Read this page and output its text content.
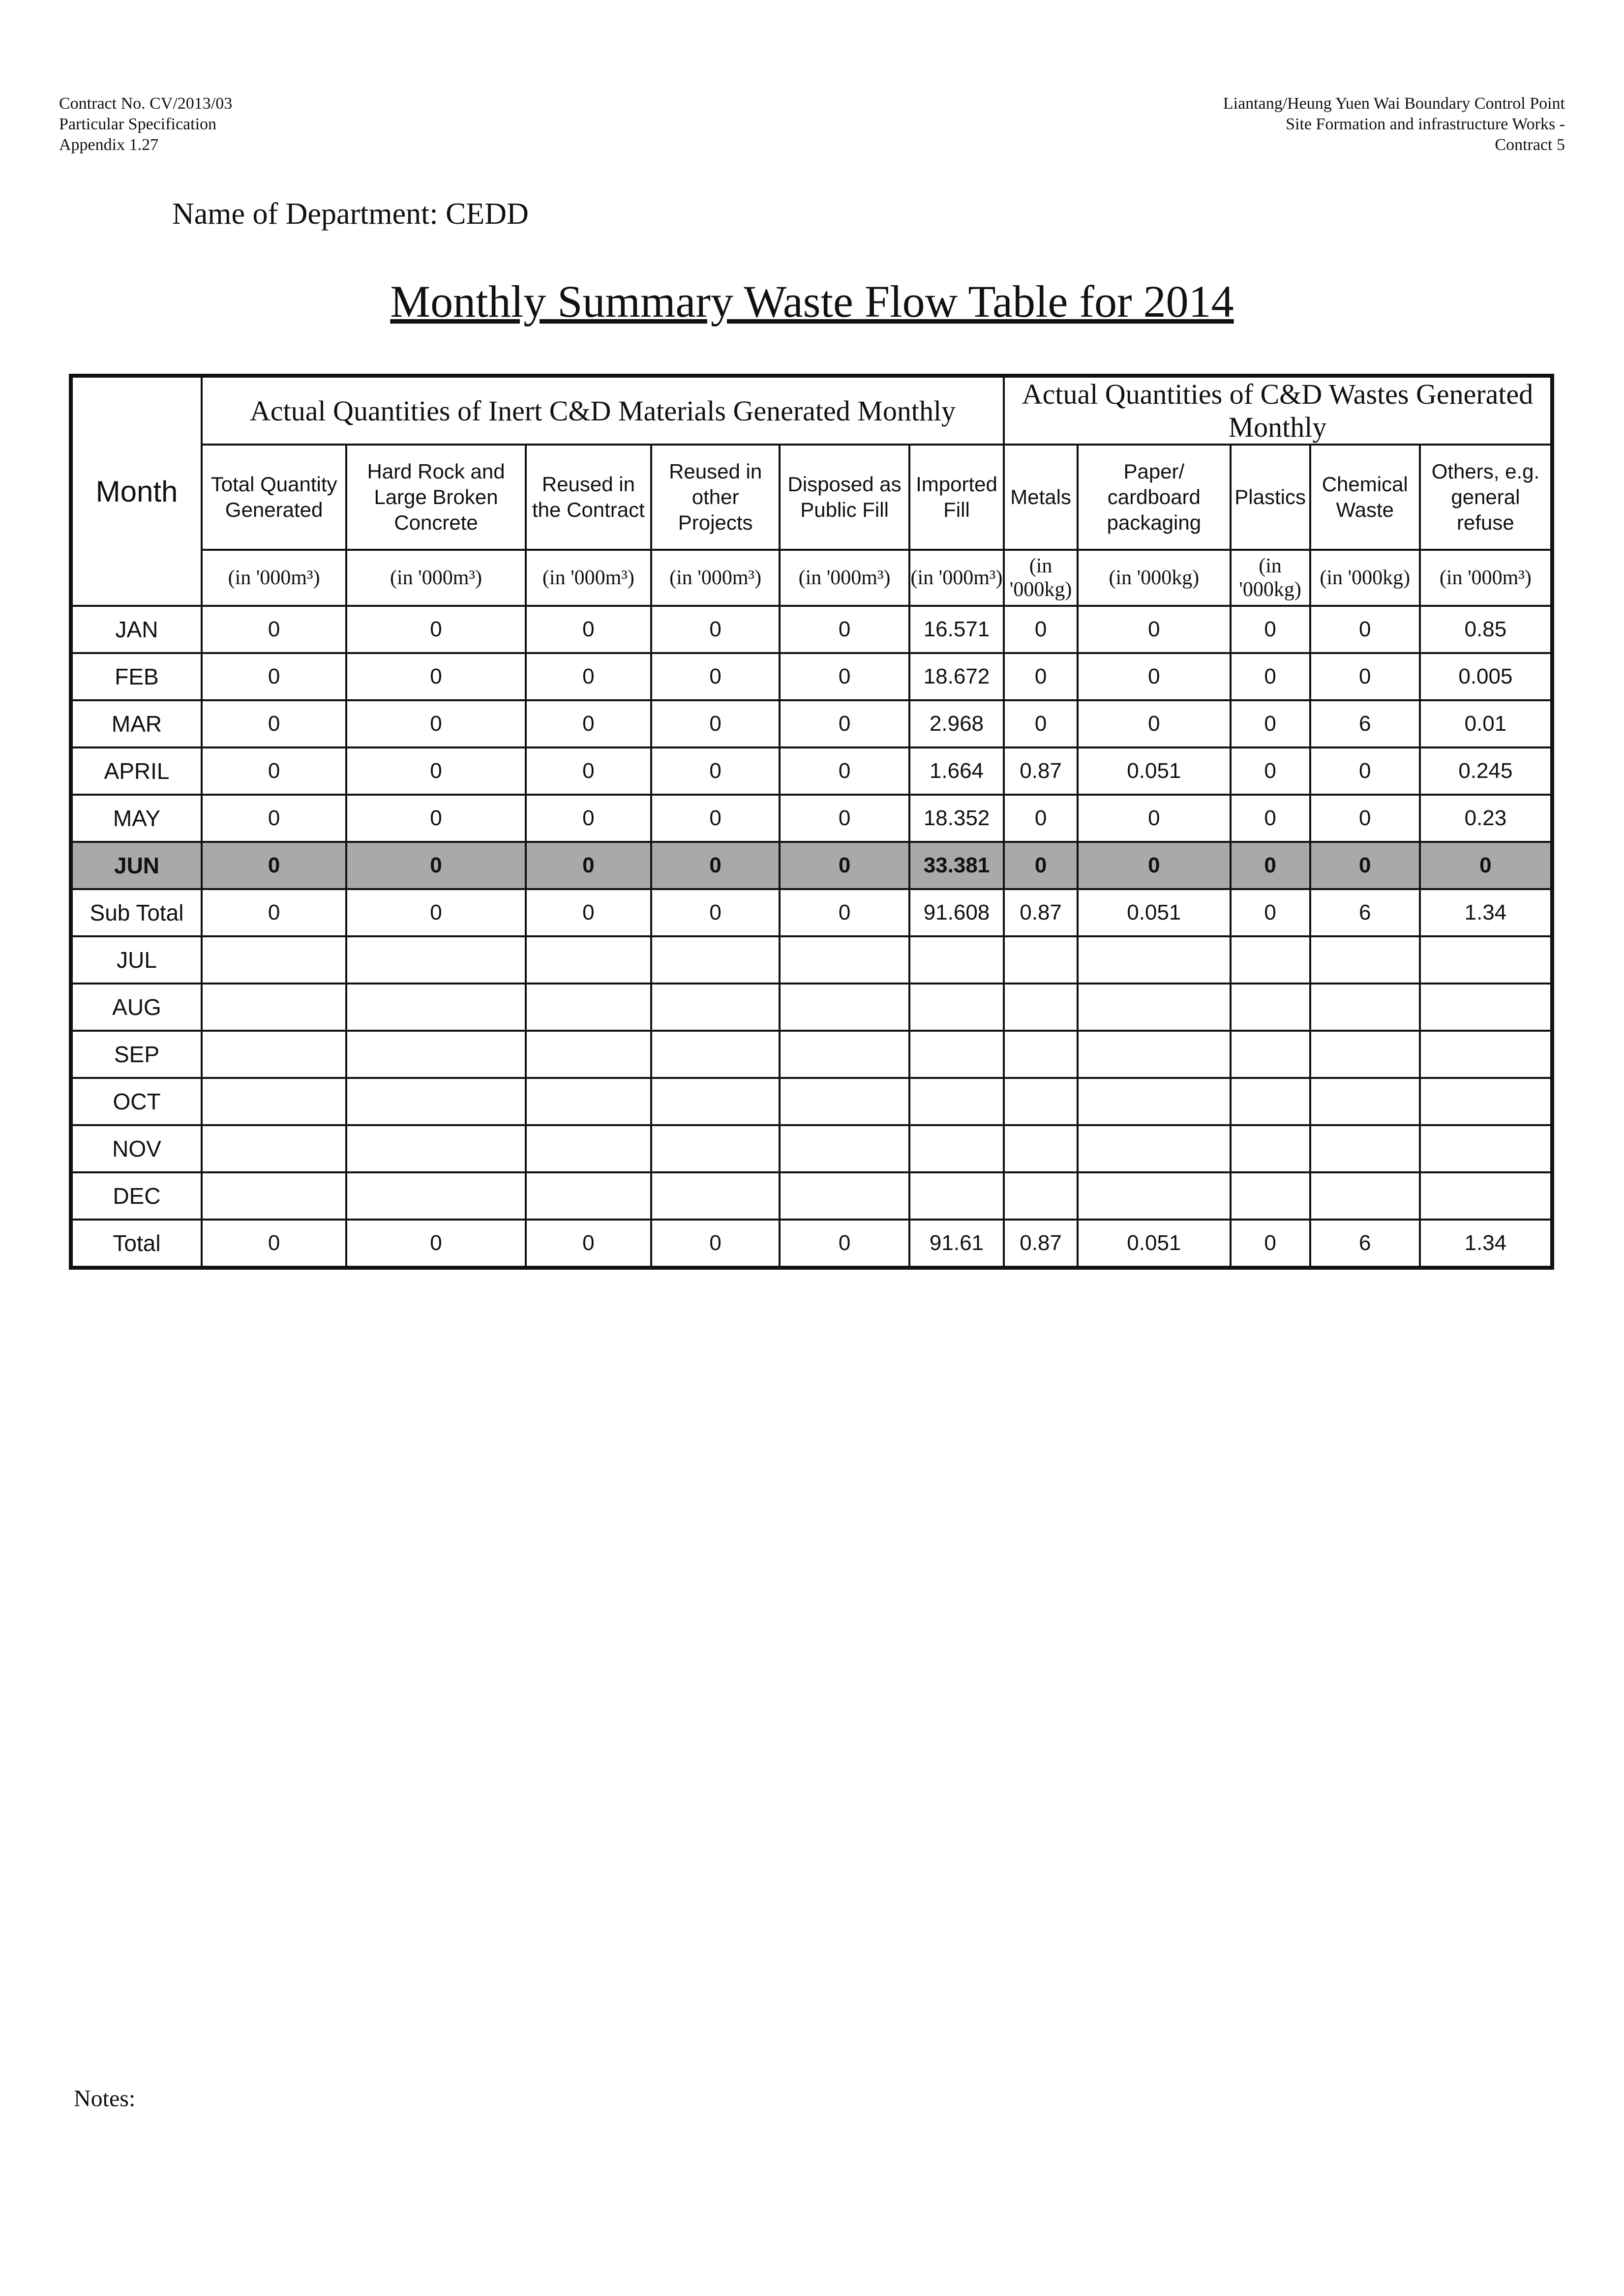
Contract No. CV/2013/03
Particular Specification
Appendix 1.27
Liantang/Heung Yuen Wai Boundary Control Point
Site Formation and infrastructure Works -
Contract 5
Name of Department: CEDD
Monthly Summary Waste Flow Table for 2014
Month	Actual Quantities of Inert C&D Materials Generated Monthly						Actual Quantities of C&D Wastes Generated Monthly				
	Total Quantity Generated	Hard Rock and Large Broken Concrete	Reused in the Contract	Reused in other Projects	Disposed as Public Fill	Imported Fill	Metals	Paper/ cardboard packaging	Plastics	Chemical Waste	Others, e.g. general refuse
	(in '000m³)	(in '000m³)	(in '000m³)	(in '000m³)	(in '000m³)	(in '000m³)	(in '000kg)	(in '000kg)	(in '000kg)	(in '000kg)	(in '000m³)
JAN	0	0	0	0	0	16.571	0	0	0	0	0.85
FEB	0	0	0	0	0	18.672	0	0	0	0	0.005
MAR	0	0	0	0	0	2.968	0	0	0	6	0.01
APRIL	0	0	0	0	0	1.664	0.87	0.051	0	0	0.245
MAY	0	0	0	0	0	18.352	0	0	0	0	0.23
JUN	0	0	0	0	0	33.381	0	0	0	0	0
Sub Total	0	0	0	0	0	91.608	0.87	0.051	0	6	1.34
JUL											
AUG											
SEP											
OCT											
NOV											
DEC											
Total	0	0	0	0	0	91.61	0.87	0.051	0	6	1.34
Notes:
